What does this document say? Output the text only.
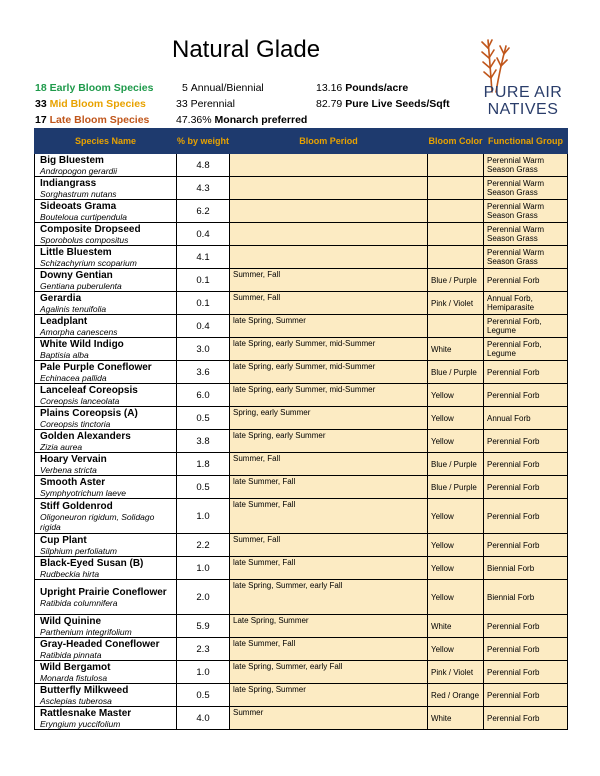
Natural Glade
18 Early Bloom Species
33 Mid Bloom Species
17 Late Bloom Species
5 Annual/Biennial
33 Perennial
47.36% Monarch preferred
13.16 Pounds/acre
82.79 Pure Live Seeds/Sqft
PURE AIR
NATIVES
Species Name	% by weight	Bloom Period	Bloom Color	Functional Group

Big Bluestem
Andropogon gerardii	4.8			Perennial Warm Season Grass

Indiangrass
Sorghastrum nutans	4.3			Perennial Warm Season Grass

Sideoats Grama
Bouteloua curtipendula	6.2			Perennial Warm Season Grass

Composite Dropseed
Sporobolus compositus	0.4			Perennial Warm Season Grass

Little Bluestem
Schizachyrium scoparium	4.1			Perennial Warm Season Grass

Downy Gentian
Gentiana puberulenta	0.1	Summer, Fall	Blue / Purple	Perennial Forb

Gerardia
Agalinis tenuifolia	0.1	Summer, Fall	Pink / Violet	Annual Forb, Hemiparasite

Leadplant
Amorpha canescens	0.4	late Spring, Summer		Perennial Forb, Legume

White Wild Indigo
Baptisia alba	3.0	late Spring, early Summer, mid-Summer	White	Perennial Forb, Legume

Pale Purple Coneflower
Echinacea pallida	3.6	late Spring, early Summer, mid-Summer	Blue / Purple	Perennial Forb

Lanceleaf Coreopsis
Coreopsis lanceolata	6.0	late Spring, early Summer, mid-Summer	Yellow	Perennial Forb

Plains Coreopsis (A)
Coreopsis tinctoria	0.5	Spring, early Summer	Yellow	Annual Forb

Golden Alexanders
Zizia aurea	3.8	late Spring, early Summer	Yellow	Perennial Forb

Hoary Vervain
Verbena stricta	1.8	Summer, Fall	Blue / Purple	Perennial Forb

Smooth Aster
Symphyotrichum laeve	0.5	late Summer, Fall	Blue / Purple	Perennial Forb

Stiff Goldenrod
Oligoneuron rigidum, Solidago rigida	1.0	late Summer, Fall	Yellow	Perennial Forb

Cup Plant
Silphium perfoliatum	2.2	Summer, Fall	Yellow	Perennial Forb

Black-Eyed Susan (B)
Rudbeckia hirta	1.0	late Summer, Fall	Yellow	Biennial Forb

Upright Prairie Coneflower
Ratibida columnifera	2.0	late Spring, Summer, early Fall	Yellow	Biennial Forb

Wild Quinine
Parthenium integrifolium	5.9	Late Spring, Summer	White	Perennial Forb

Gray-Headed Coneflower
Ratibida pinnata	2.3	late Summer, Fall	Yellow	Perennial Forb

Wild Bergamot
Monarda fistulosa	1.0	late Spring, Summer, early Fall	Pink / Violet	Perennial Forb

Butterfly Milkweed
Asclepias tuberosa	0.5	late Spring, Summer	Red / Orange	Perennial Forb

Rattlesnake Master
Eryngium yuccifolium	4.0	Summer	White	Perennial Forb
